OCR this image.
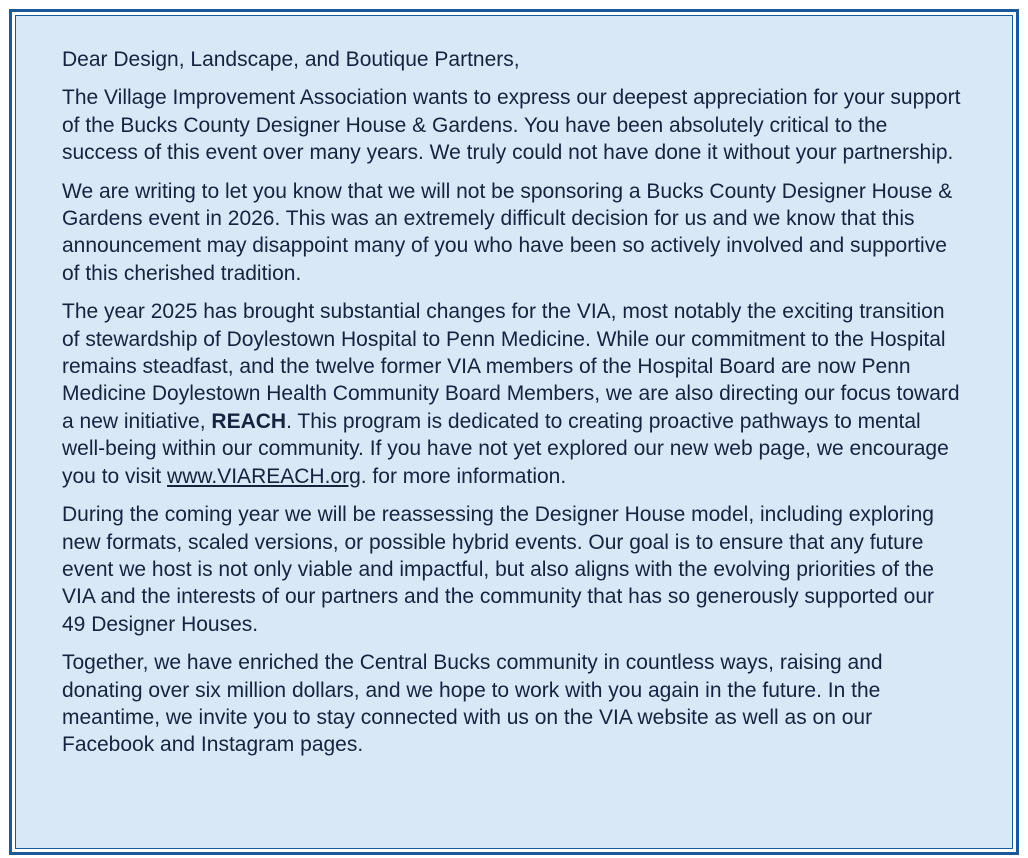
Dear Design, Landscape, and Boutique Partners,

The Village Improvement Association wants to express our deepest appreciation for your support of the Bucks County Designer House & Gardens. You have been absolutely critical to the success of this event over many years. We truly could not have done it without your partnership.

We are writing to let you know that we will not be sponsoring a Bucks County Designer House & Gardens event in 2026. This was an extremely difficult decision for us and we know that this announcement may disappoint many of you who have been so actively involved and supportive of this cherished tradition.

The year 2025 has brought substantial changes for the VIA, most notably the exciting transition of stewardship of Doylestown Hospital to Penn Medicine. While our commitment to the Hospital remains steadfast, and the twelve former VIA members of the Hospital Board are now Penn Medicine Doylestown Health Community Board Members, we are also directing our focus toward a new initiative, REACH. This program is dedicated to creating proactive pathways to mental well-being within our community. If you have not yet explored our new web page, we encourage you to visit www.VIAREACH.org. for more information.

During the coming year we will be reassessing the Designer House model, including exploring new formats, scaled versions, or possible hybrid events. Our goal is to ensure that any future event we host is not only viable and impactful, but also aligns with the evolving priorities of the VIA and the interests of our partners and the community that has so generously supported our 49 Designer Houses.

Together, we have enriched the Central Bucks community in countless ways, raising and donating over six million dollars, and we hope to work with you again in the future. In the meantime, we invite you to stay connected with us on the VIA website as well as on our Facebook and Instagram pages.
